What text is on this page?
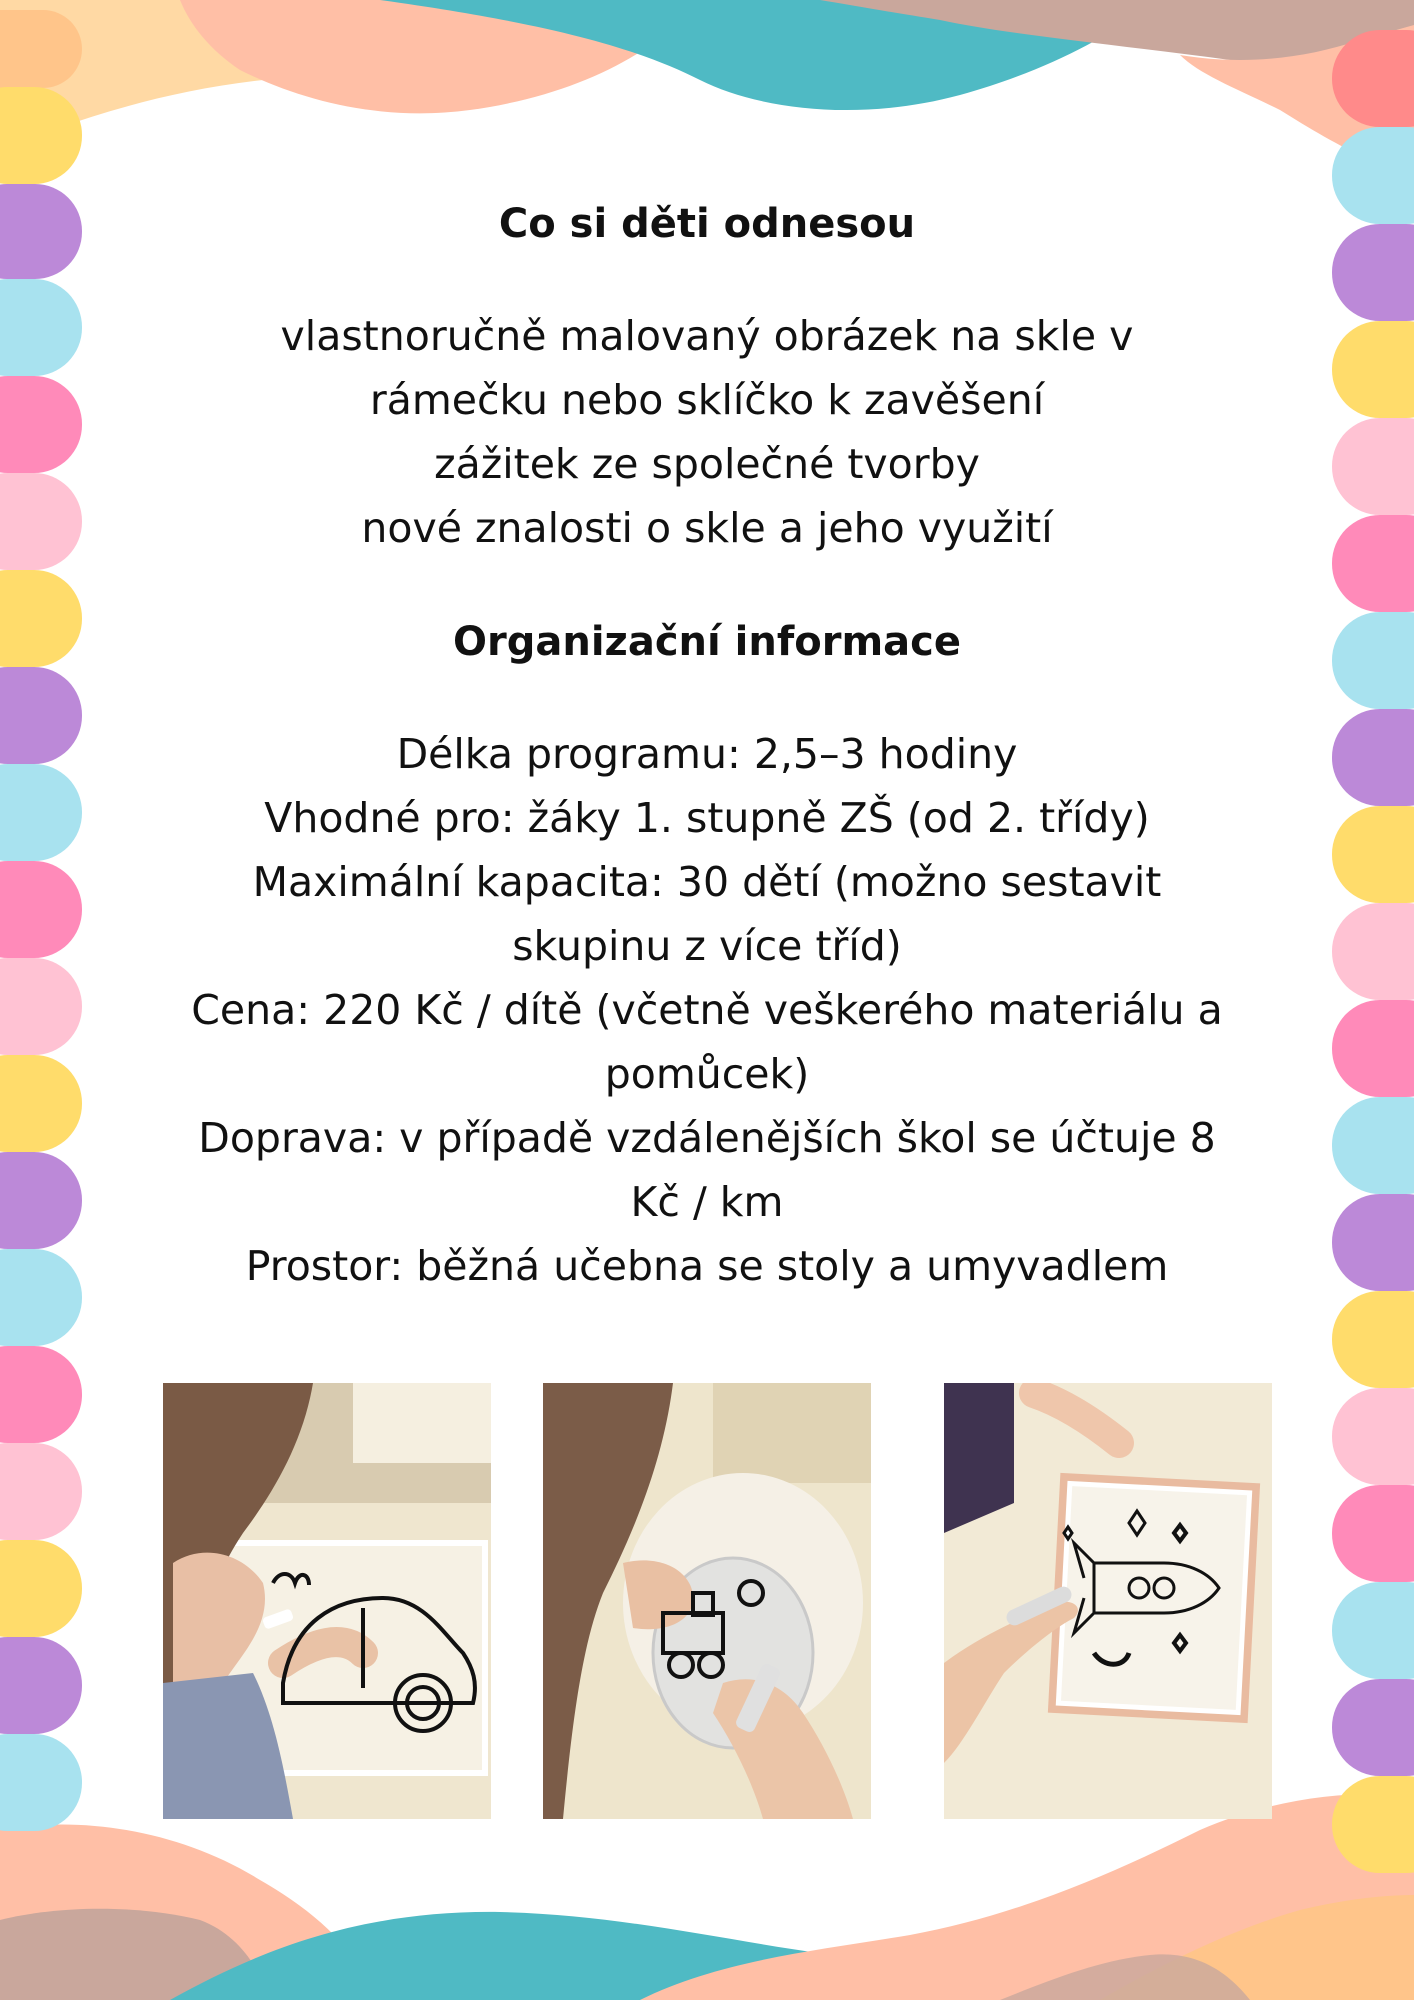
Co si děti odnesou

vlastnoručně malovaný obrázek na skle v

rámečku nebo sklíčko k zavěšení

zážitek ze společné tvorby

nové znalosti o skle a jeho využití

Organizační informace

Délka programu: 2,5–3 hodiny

Vhodné pro: žáky 1. stupně ZŠ (od 2. třídy)

Maximální kapacita: 30 dětí (možno sestavit

skupinu z více tříd)

Cena: 220 Kč / dítě (včetně veškerého materiálu a

pomůcek)

Doprava: v případě vzdálenějších škol se účtuje 8

Kč / km

Prostor: běžná učebna se stoly a umyvadlem
